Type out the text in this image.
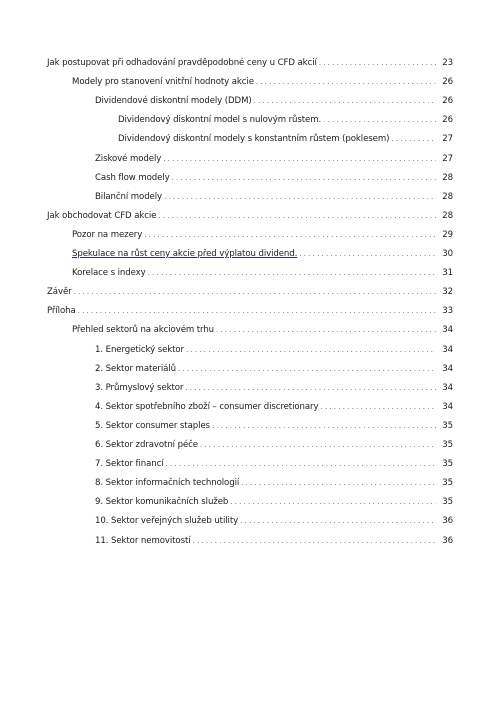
Jak postupovat při odhadování pravděpodobné ceny u CFD akcií . . .	23
Modely pro stanovení vnitřní hodnoty akcie . . .	26
Dividendové diskontní modely (DDM) . . .	26
Dividendový diskontní model s nulovým růstem. . . .	26
Dividendový diskontní modely s konstantním růstem (poklesem) . . .	27
Ziskové modely . . .	27
Cash flow modely . . .	28
Bilanční modely . . .	28
Jak obchodovat CFD akcie . . .	28
Pozor na mezery . . .	29
Spekulace na růst ceny akcie před výplatou dividend. . . .	30
Korelace s indexy . . .	31
Závěr . . .	32
Příloha . . .	33
Přehled sektorů na akciovém trhu . . .	34
1. Energetický sektor . . .	34
2. Sektor materiálů . . .	34
3. Průmyslový sektor . . .	34
4. Sektor spotřebního zboží – consumer discretionary . . .	34
5. Sektor consumer staples . . .	35
6. Sektor zdravotní péče . . .	35
7. Sektor financí . . .	35
8. Sektor informačních technologií . . .	35
9. Sektor komunikačních služeb . . .	35
10. Sektor veřejných služeb utility . . .	36
11. Sektor nemovitostí . . .	36
